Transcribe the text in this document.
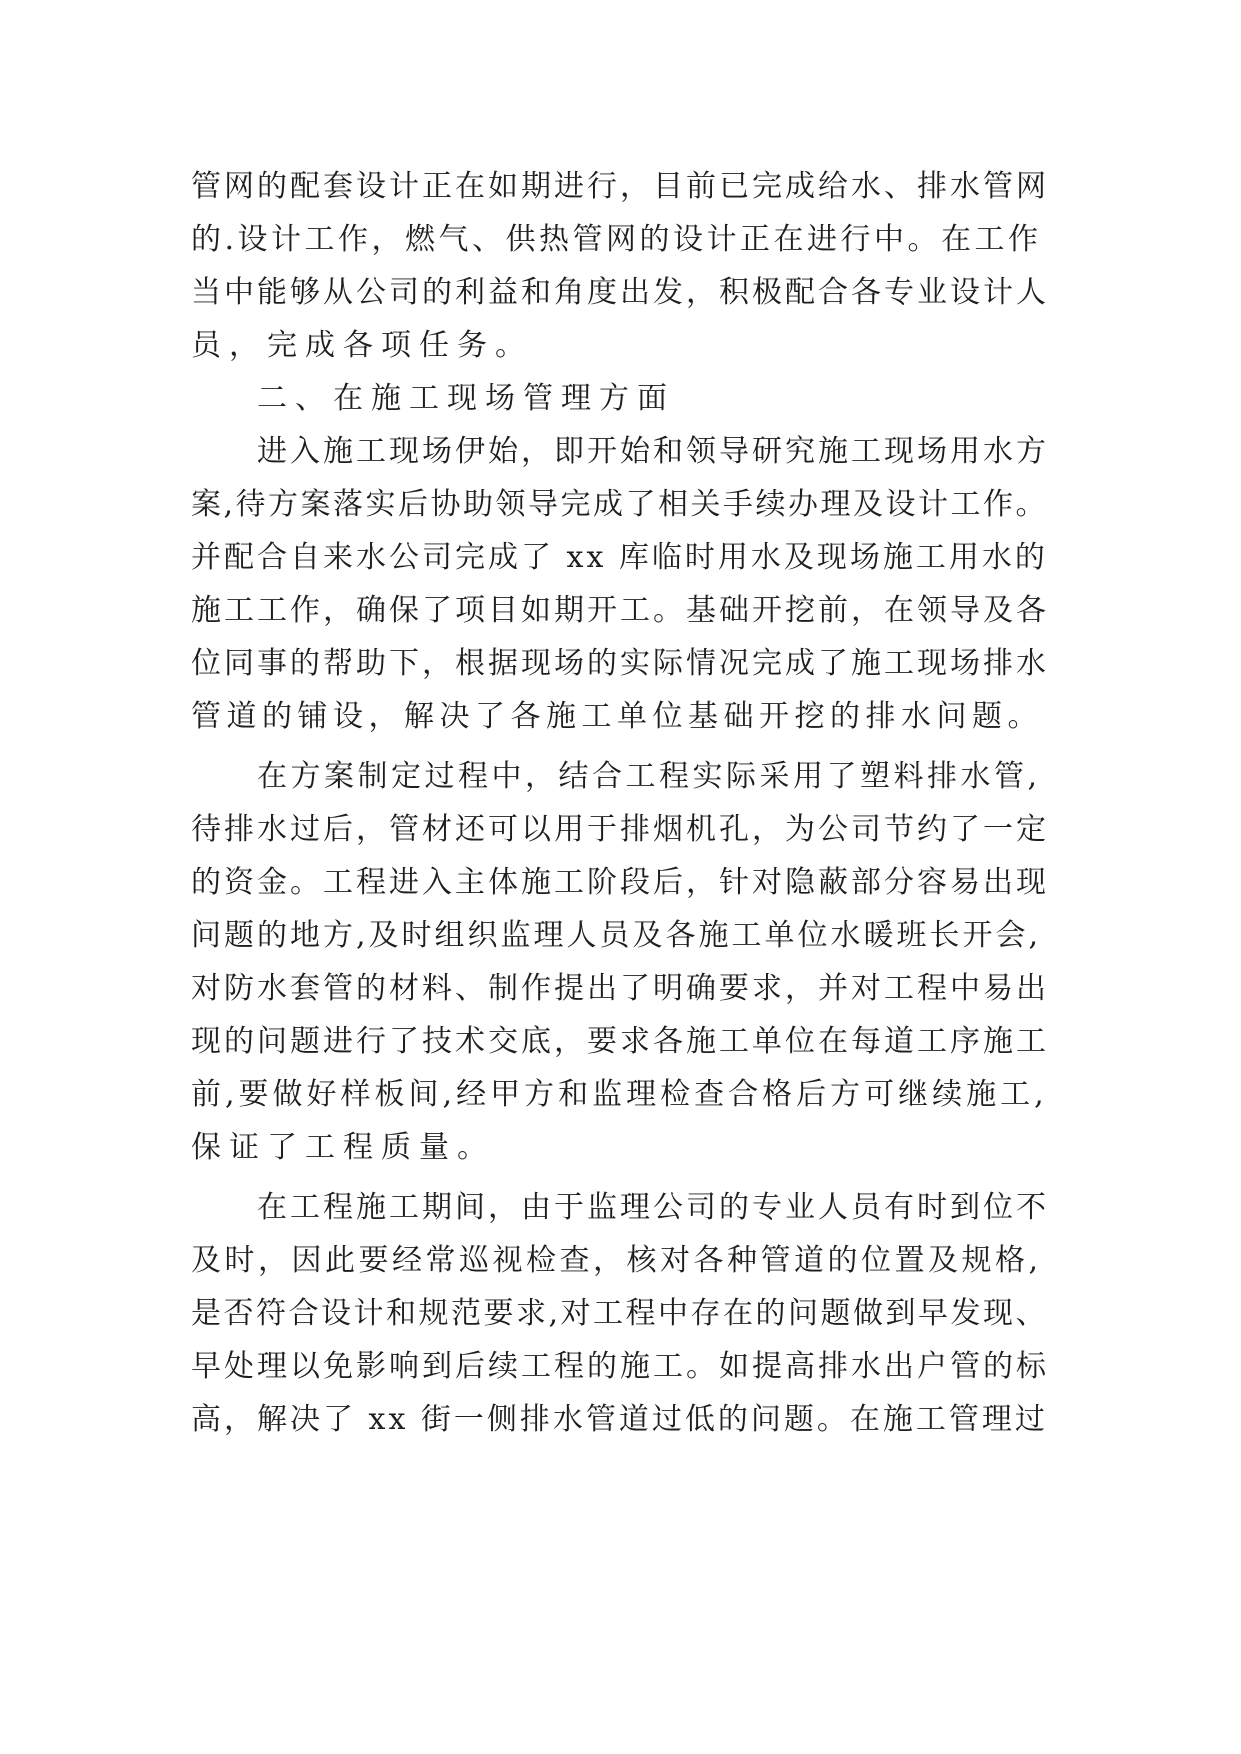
管网的配套设计正在如期进行，目前已完成给水、排水管网
的.设计工作，燃气、供热管网的设计正在进行中。在工作
当中能够从公司的利益和角度出发，积极配合各专业设计人
员，完成各项任务。
二、在施工现场管理方面
进入施工现场伊始，即开始和领导研究施工现场用水方
案,待方案落实后协助领导完成了相关手续办理及设计工作。
并配合自来水公司完成了 xx 库临时用水及现场施工用水的
施工工作，确保了项目如期开工。基础开挖前，在领导及各
位同事的帮助下，根据现场的实际情况完成了施工现场排水
管道的铺设，解决了各施工单位基础开挖的排水问题。
在方案制定过程中，结合工程实际采用了塑料排水管,
待排水过后，管材还可以用于排烟机孔，为公司节约了一定
的资金。工程进入主体施工阶段后，针对隐蔽部分容易出现
问题的地方,及时组织监理人员及各施工单位水暖班长开会,
对防水套管的材料、制作提出了明确要求，并对工程中易出
现的问题进行了技术交底，要求各施工单位在每道工序施工
前,要做好样板间,经甲方和监理检查合格后方可继续施工,
保证了工程质量。
在工程施工期间，由于监理公司的专业人员有时到位不
及时，因此要经常巡视检查，核对各种管道的位置及规格,
是否符合设计和规范要求,对工程中存在的问题做到早发现、
早处理以免影响到后续工程的施工。如提高排水出户管的标
高，解决了 xx 街一侧排水管道过低的问题。在施工管理过
